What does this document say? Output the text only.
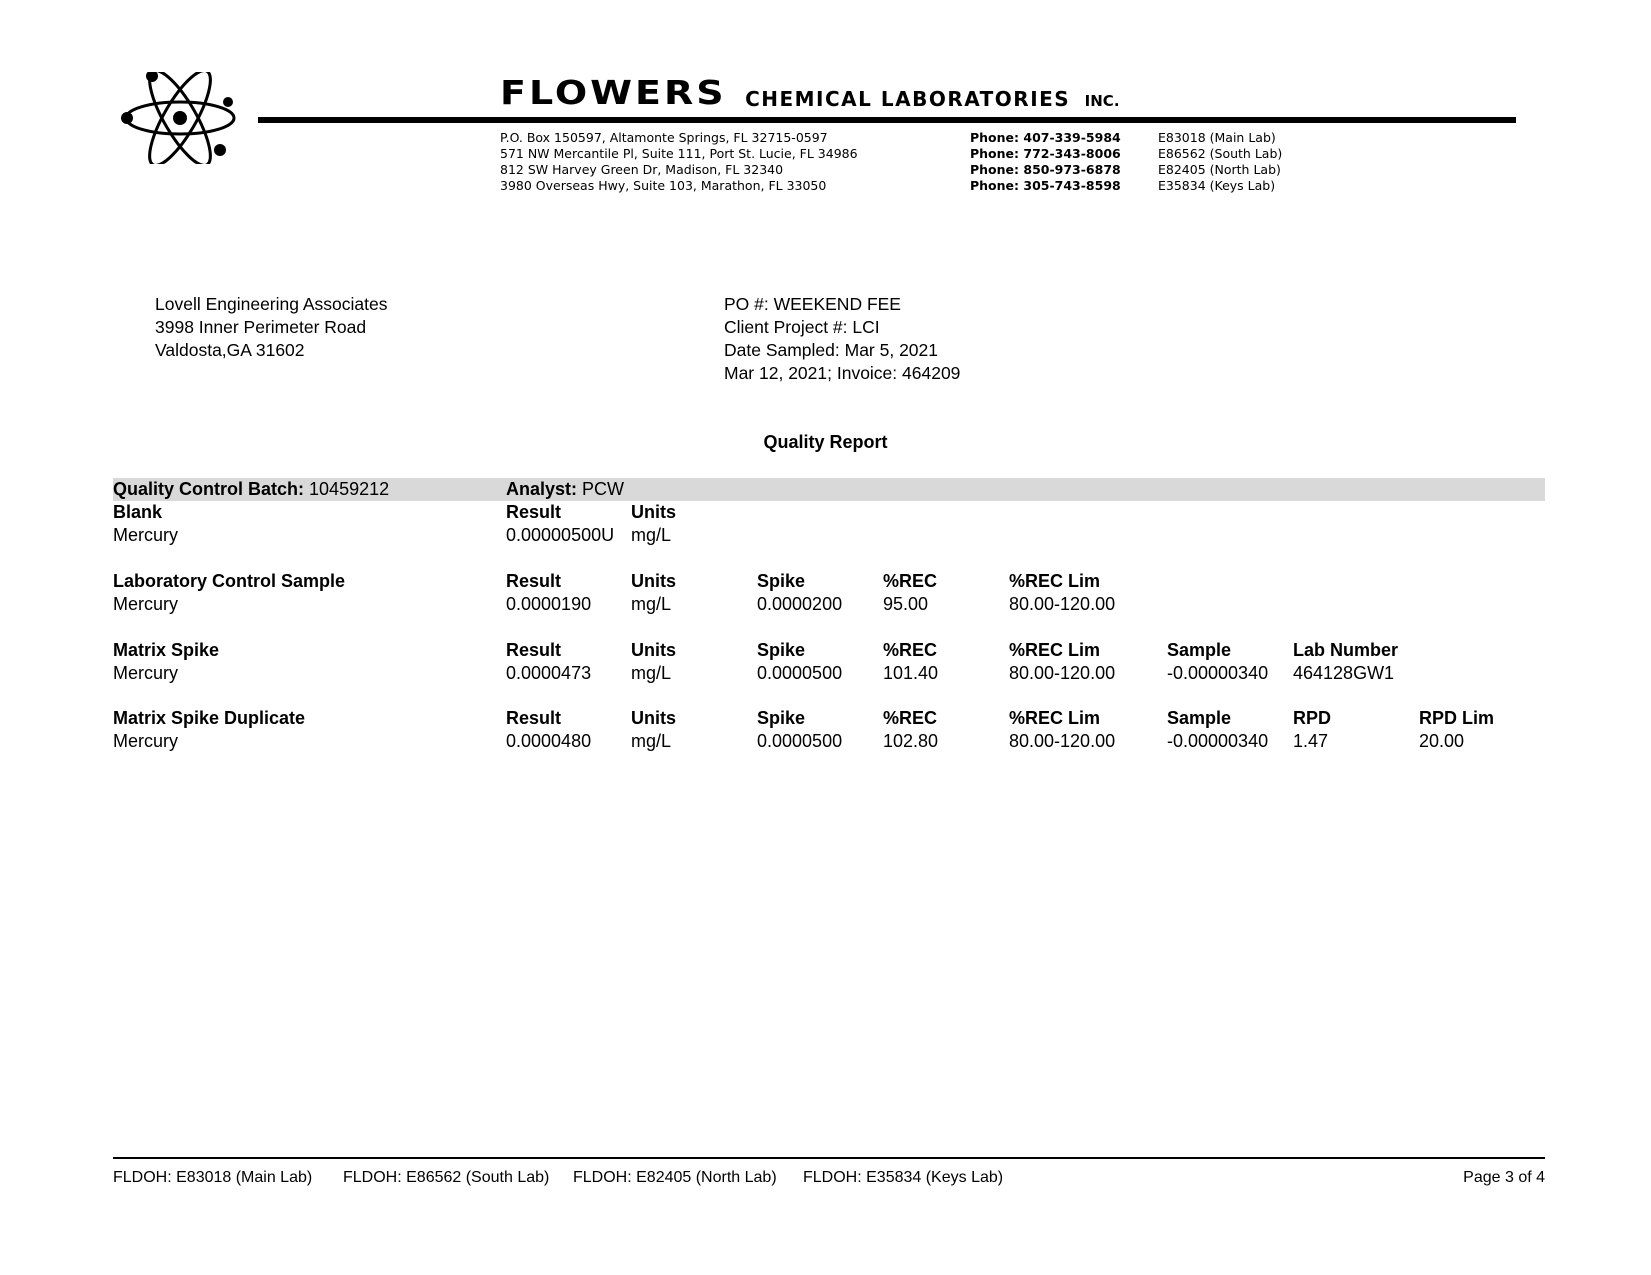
FLOWERS CHEMICAL LABORATORIES INC.
P.O. Box 150597, Altamonte Springs, FL 32715-0597
571 NW Mercantile Pl, Suite 111, Port St. Lucie, FL 34986
812 SW Harvey Green Dr, Madison, FL 32340
3980 Overseas Hwy, Suite 103, Marathon, FL 33050
Phone: 407-339-5984
Phone: 772-343-8006
Phone: 850-973-6878
Phone: 305-743-8598
E83018 (Main Lab)
E86562 (South Lab)
E82405 (North Lab)
E35834 (Keys Lab)
Lovell Engineering Associates
3998 Inner Perimeter Road
Valdosta,GA 31602
PO #: WEEKEND FEE
Client Project #: LCI
Date Sampled: Mar 5, 2021
Mar 12, 2021; Invoice: 464209
Quality Report
Quality Control Batch: 10459212	Analyst: PCW
Blank	Result	Units
Mercury	0.00000500U mg/L
Laboratory Control Sample	Result	Units	Spike	%REC	%REC Lim
Mercury	0.0000190 mg/L	0.0000200 95.00	80.00-120.00
Matrix Spike	Result	Units	Spike	%REC	%REC Lim	Sample	Lab Number
Mercury	0.0000473 mg/L	0.0000500 101.40	80.00-120.00	-0.00000340 464128GW1
Matrix Spike Duplicate	Result	Units	Spike	%REC	%REC Lim	Sample	RPD	RPD Lim
Mercury	0.0000480 mg/L	0.0000500 102.80	80.00-120.00	-0.00000340 1.47	20.00
FLDOH: E83018 (Main Lab) FLDOH: E86562 (South Lab) FLDOH: E82405 (North Lab) FLDOH: E35834 (Keys Lab)	Page 3 of 4
